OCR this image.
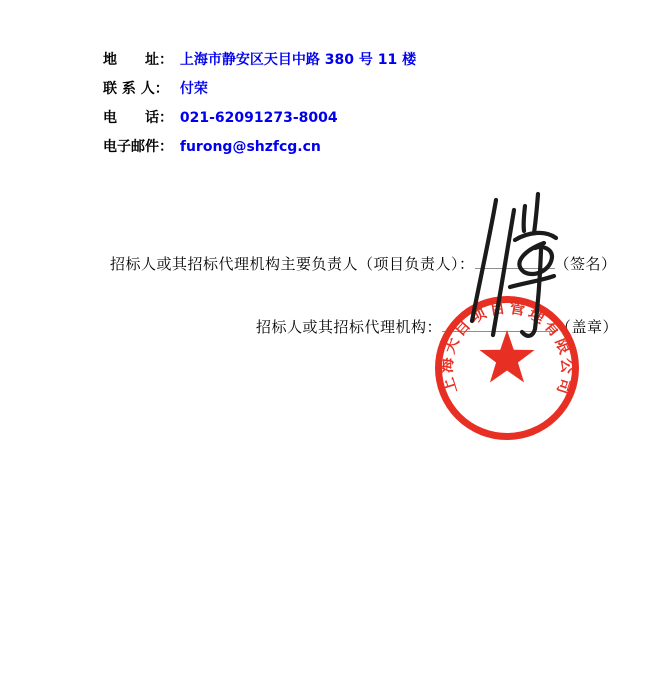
地　　址： 上海市静安区天目中路 380 号 11 楼
联 系 人： 付荣
电　　话： 021-62091273-8004
电子邮件： furong@shzfcg.cn
招标人或其招标代理机构主要负责人（项目负责人）：	（签名）
招标人或其招标代理机构：	（盖章）
上海天目项目管理有限公司
